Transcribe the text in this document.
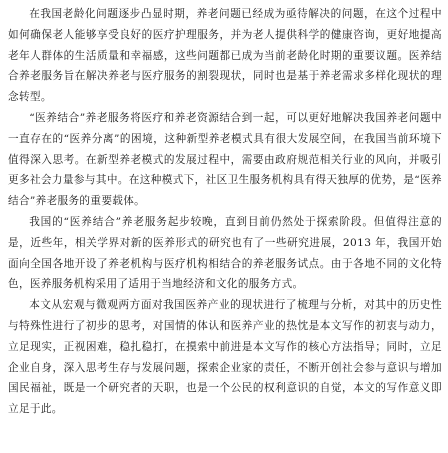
在我国老龄化问题逐步凸显时期，养老问题已经成为亟待解决的问题，在这个过程中如何确保老人能够享受良好的医疗护理服务，并为老人提供科学的健康咨询，更好地提高老年人群体的生活质量和幸福感，这些问题都已成为当前老龄化时期的重要议题。医养结合养老服务旨在解决养老与医疗服务的割裂现状，同时也是基于养老需求多样化现状的理念转型。

“医养结合”养老服务将医疗和养老资源结合到一起，可以更好地解决我国养老问题中一直存在的“医养分离”的困境，这种新型养老模式具有很大发展空间，在我国当前环境下值得深入思考。在新型养老模式的发展过程中，需要由政府规范相关行业的风向，并吸引更多社会力量参与其中。在这种模式下，社区卫生服务机构具有得天独厚的优势，是“医养结合”养老服务的重要载体。

我国的“医养结合”养老服务起步较晚，直到目前仍然处于探索阶段。但值得注意的是，近些年，相关学界对新的医养形式的研究也有了一些研究进展，2013 年，我国开始面向全国各地开设了养老机构与医疗机构相结合的养老服务试点。由于各地不同的文化特色，医养服务机构采用了适用于当地经济和文化的服务方式。

本文从宏观与微观两方面对我国医养产业的现状进行了梳理与分析，对其中的历史性与特殊性进行了初步的思考，对国情的体认和医养产业的热忱是本文写作的初衷与动力，立足现实，正视困难，稳扎稳打，在摸索中前进是本文写作的核心方法指导；同时，立足企业自身，深入思考生存与发展问题，探索企业家的责任，不断开创社会参与意识与增加国民福祉，既是一个研究者的天职，也是一个公民的权利意识的自觉，本文的写作意义即立足于此。
